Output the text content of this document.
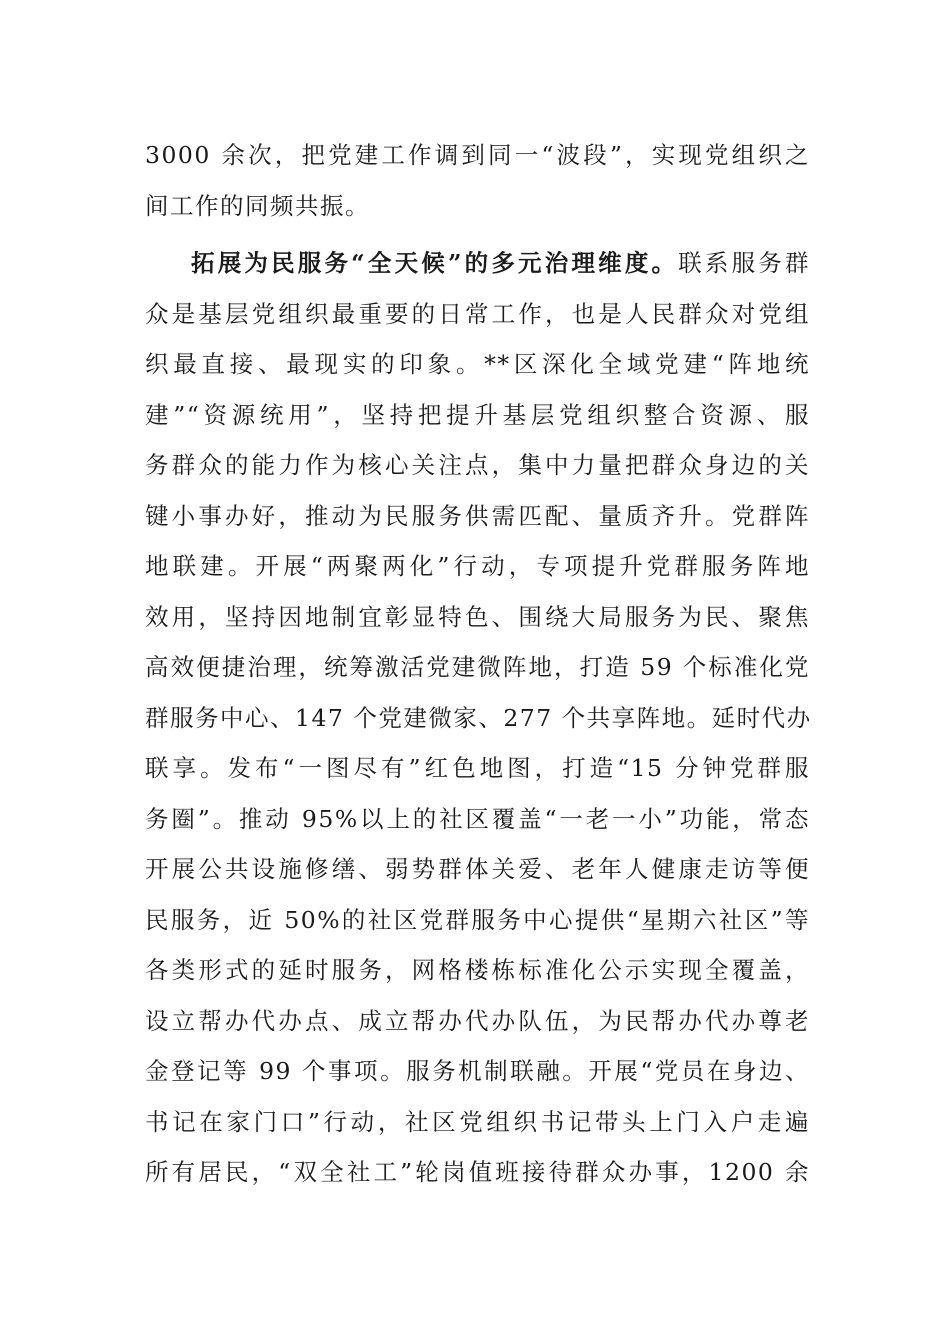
3000 余次，把党建工作调到同一“波段”，实现党组织之
间工作的同频共振。
拓展为民服务“全天候”的多元治理维度。联系服务群
众是基层党组织最重要的日常工作，也是人民群众对党组
织最直接、最现实的印象。**区深化全域党建“阵地统
建”“资源统用”，坚持把提升基层党组织整合资源、服
务群众的能力作为核心关注点，集中力量把群众身边的关
键小事办好，推动为民服务供需匹配、量质齐升。党群阵
地联建。开展“两聚两化”行动，专项提升党群服务阵地
效用，坚持因地制宜彰显特色、围绕大局服务为民、聚焦
高效便捷治理，统筹激活党建微阵地，打造 59 个标准化党
群服务中心、147 个党建微家、277 个共享阵地。延时代办
联享。发布“一图尽有”红色地图，打造“15 分钟党群服
务圈”。推动 95%以上的社区覆盖“一老一小”功能，常态
开展公共设施修缮、弱势群体关爱、老年人健康走访等便
民服务，近 50%的社区党群服务中心提供“星期六社区”等
各类形式的延时服务，网格楼栋标准化公示实现全覆盖，
设立帮办代办点、成立帮办代办队伍，为民帮办代办尊老
金登记等 99 个事项。服务机制联融。开展“党员在身边、
书记在家门口”行动，社区党组织书记带头上门入户走遍
所有居民，“双全社工”轮岗值班接待群众办事，1200 余
